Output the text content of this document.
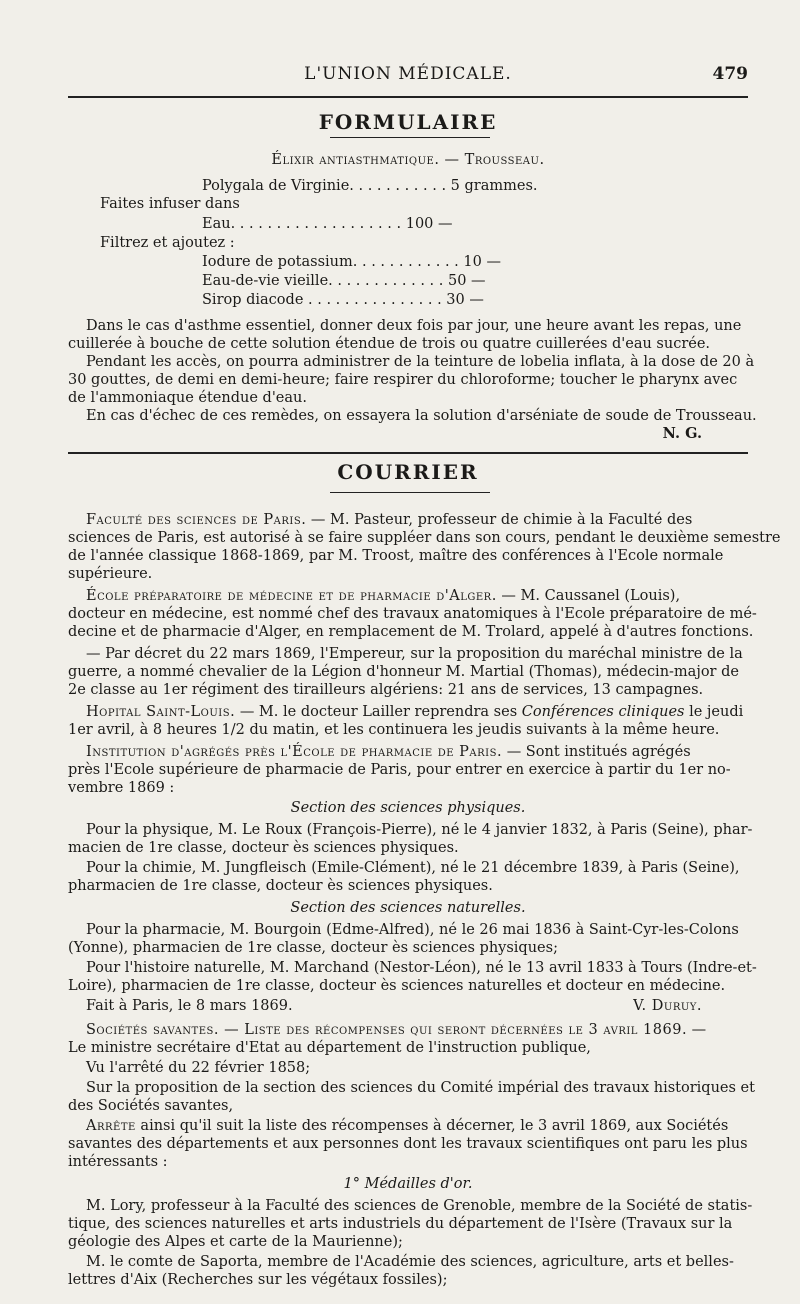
L'UNION MÉDICALE.	479
FORMULAIRE
Élixir antiasthmatique. — Trousseau.
Polygala de Virginie. . . . . . . . . . . 5 grammes.
Faites infuser dans
Eau. . . . . . . . . . . . . . . . . . . 100 —
Filtrez et ajoutez :
Iodure de potassium. . . . . . . . . . . . 10 —
Eau-de-vie vieille. . . . . . . . . . . . . 50 —
Sirop diacode . . . . . . . . . . . . . . . 30 —
Dans le cas d'asthme essentiel, donner deux fois par jour, une heure avant les repas, une
cuillerée à bouche de cette solution étendue de trois ou quatre cuillerées d'eau sucrée.
Pendant les accès, on pourra administrer de la teinture de lobelia inflata, à la dose de 20 à
30 gouttes, de demi en demi-heure; faire respirer du chloroforme; toucher le pharynx avec
de l'ammoniaque étendue d'eau.
En cas d'échec de ces remèdes, on essayera la solution d'arséniate de soude de Trousseau.
N. G.
COURRIER
Faculté des sciences de Paris. — M. Pasteur, professeur de chimie à la Faculté des
sciences de Paris, est autorisé à se faire suppléer dans son cours, pendant le deuxième semestre
de l'année classique 1868-1869, par M. Troost, maître des conférences à l'Ecole normale
supérieure.
École préparatoire de médecine et de pharmacie d'Alger. — M. Caussanel (Louis),
docteur en médecine, est nommé chef des travaux anatomiques à l'Ecole préparatoire de mé-
decine et de pharmacie d'Alger, en remplacement de M. Trolard, appelé à d'autres fonctions.
— Par décret du 22 mars 1869, l'Empereur, sur la proposition du maréchal ministre de la
guerre, a nommé chevalier de la Légion d'honneur M. Martial (Thomas), médecin-major de
2e classe au 1er régiment des tirailleurs algériens: 21 ans de services, 13 campagnes.
Hopital Saint-Louis. — M. le docteur Lailler reprendra ses Conférences cliniques le jeudi
1er avril, à 8 heures 1/2 du matin, et les continuera les jeudis suivants à la même heure.
Institution d'agrégés près l'École de pharmacie de Paris. — Sont institués agrégés
près l'Ecole supérieure de pharmacie de Paris, pour entrer en exercice à partir du 1er no-
vembre 1869 :
Section des sciences physiques.
Pour la physique, M. Le Roux (François-Pierre), né le 4 janvier 1832, à Paris (Seine), phar-
macien de 1re classe, docteur ès sciences physiques.
Pour la chimie, M. Jungfleisch (Emile-Clément), né le 21 décembre 1839, à Paris (Seine),
pharmacien de 1re classe, docteur ès sciences physiques.
Section des sciences naturelles.
Pour la pharmacie, M. Bourgoin (Edme-Alfred), né le 26 mai 1836 à Saint-Cyr-les-Colons
(Yonne), pharmacien de 1re classe, docteur ès sciences physiques;
Pour l'histoire naturelle, M. Marchand (Nestor-Léon), né le 13 avril 1833 à Tours (Indre-et-
Loire), pharmacien de 1re classe, docteur ès sciences naturelles et docteur en médecine.
Fait à Paris, le 8 mars 1869.	V. Duruy.
Sociétés savantes. — Liste des récompenses qui seront décernées le 3 avril 1869. —
Le ministre secrétaire d'Etat au département de l'instruction publique,
Vu l'arrêté du 22 février 1858;
Sur la proposition de la section des sciences du Comité impérial des travaux historiques et
des Sociétés savantes,
Arrête ainsi qu'il suit la liste des récompenses à décerner, le 3 avril 1869, aux Sociétés
savantes des départements et aux personnes dont les travaux scientifiques ont paru les plus
intéressants :
1° Médailles d'or.
M. Lory, professeur à la Faculté des sciences de Grenoble, membre de la Société de statis-
tique, des sciences naturelles et arts industriels du département de l'Isère (Travaux sur la
géologie des Alpes et carte de la Maurienne);
M. le comte de Saporta, membre de l'Académie des sciences, agriculture, arts et belles-
lettres d'Aix (Recherches sur les végétaux fossiles);
